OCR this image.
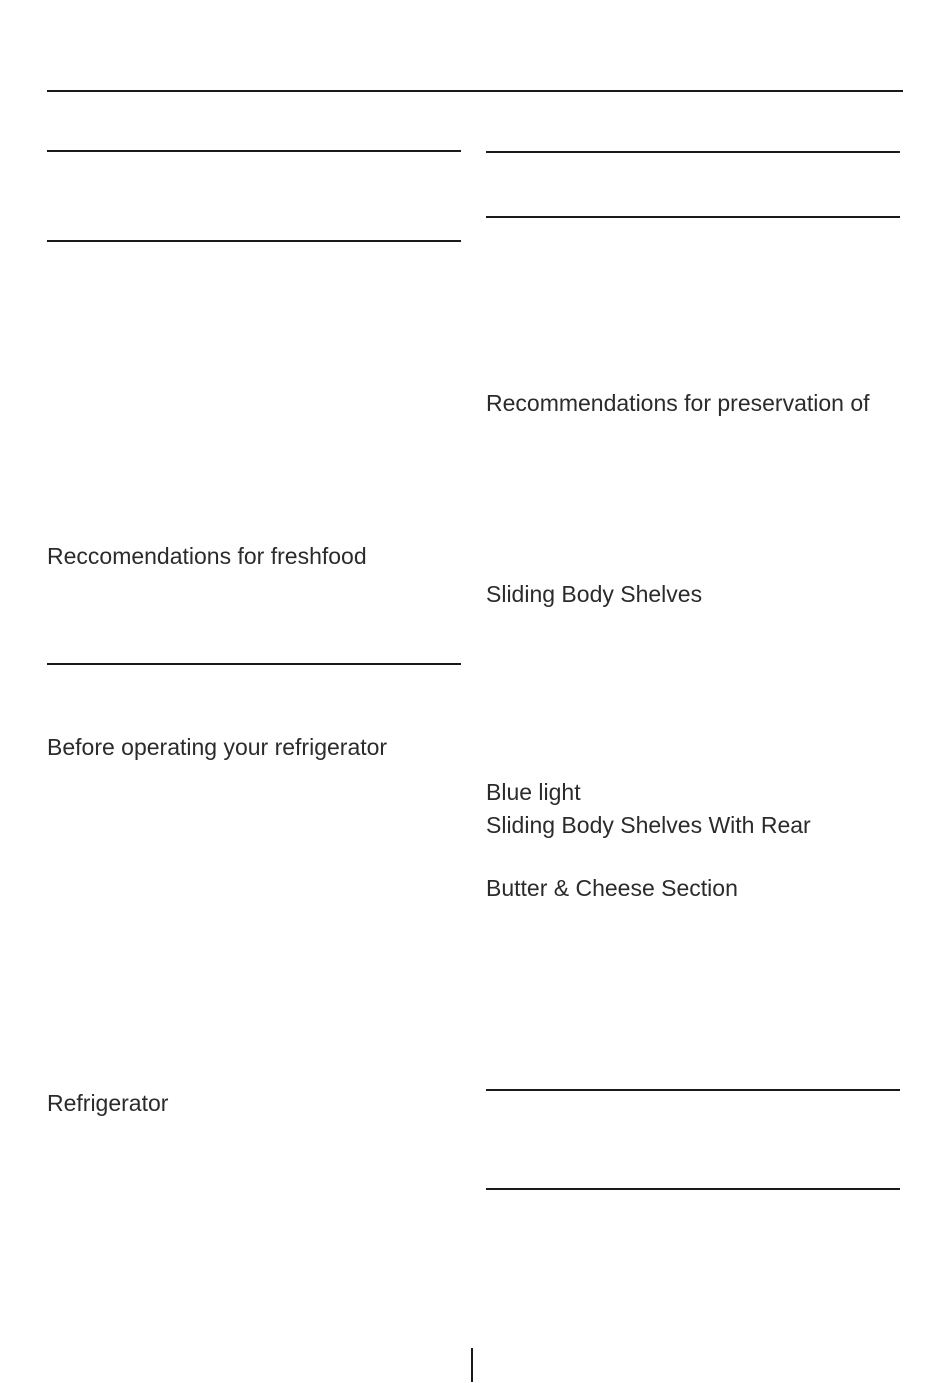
Reccomendations for freshfood
Before operating your refrigerator
Refrigerator
Recommendations for preservation of
Sliding Body Shelves
Blue light
Sliding Body Shelves With Rear
Butter & Cheese Section
